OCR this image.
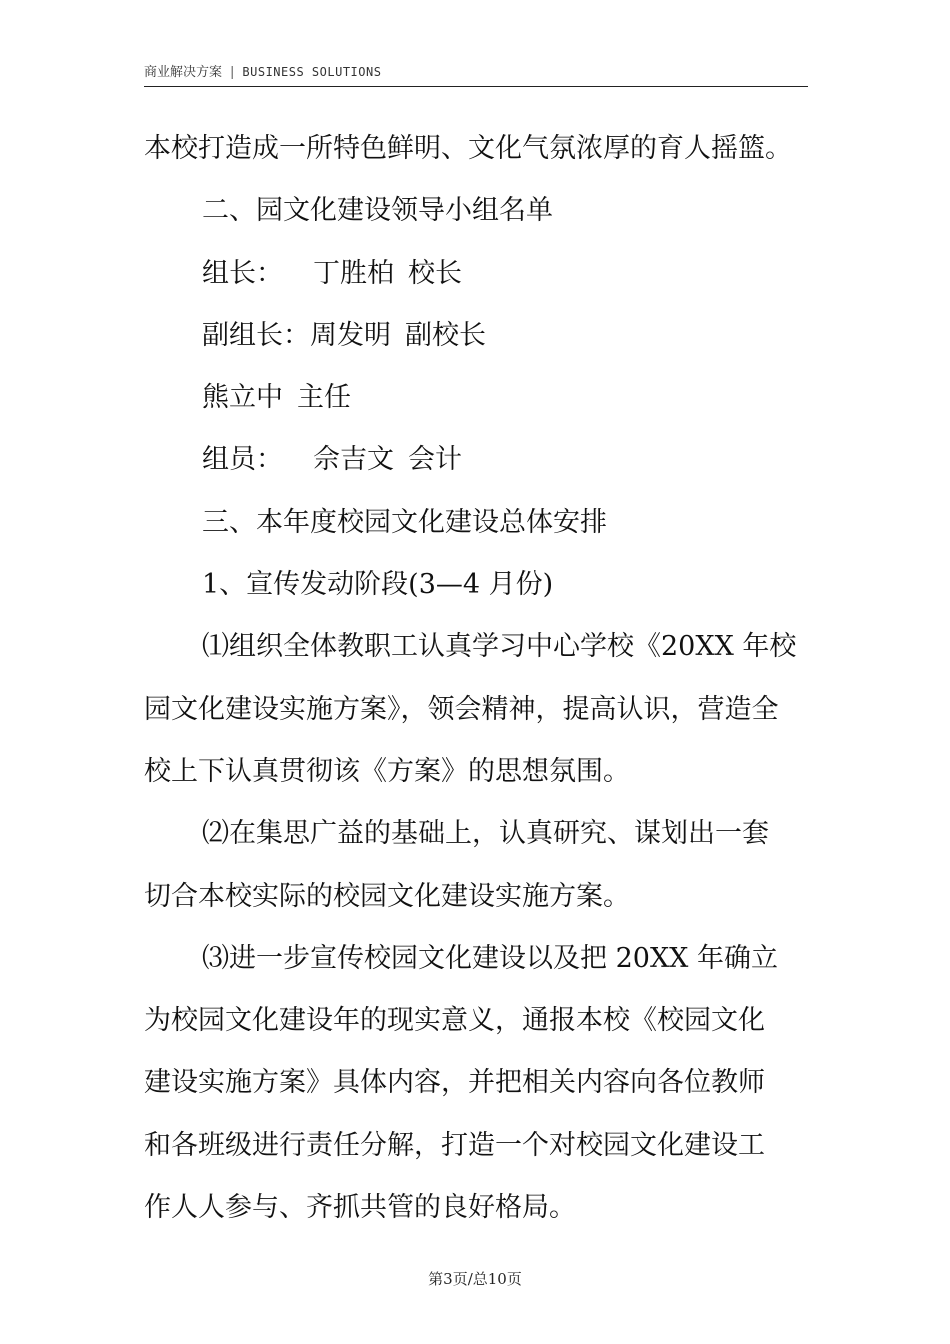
商业解决方案 | BUSINESS SOLUTIONS
本校打造成一所特色鲜明、文化气氛浓厚的育人摇篮。
二、园文化建设领导小组名单
组长： 丁胜柏 校长
副组长：周发明 副校长
熊立中 主任
组员： 佘吉文 会计
三、本年度校园文化建设总体安排
1、宣传发动阶段(3—4 月份)
⑴组织全体教职工认真学习中心学校《20XX 年校
园文化建设实施方案》，领会精神，提高认识，营造全
校上下认真贯彻该《方案》的思想氛围。
⑵在集思广益的基础上，认真研究、谋划出一套
切合本校实际的校园文化建设实施方案。
⑶进一步宣传校园文化建设以及把 20XX 年确立
为校园文化建设年的现实意义，通报本校《校园文化
建设实施方案》具体内容，并把相关内容向各位教师
和各班级进行责任分解，打造一个对校园文化建设工
作人人参与、齐抓共管的良好格局。
第3页/总10页
